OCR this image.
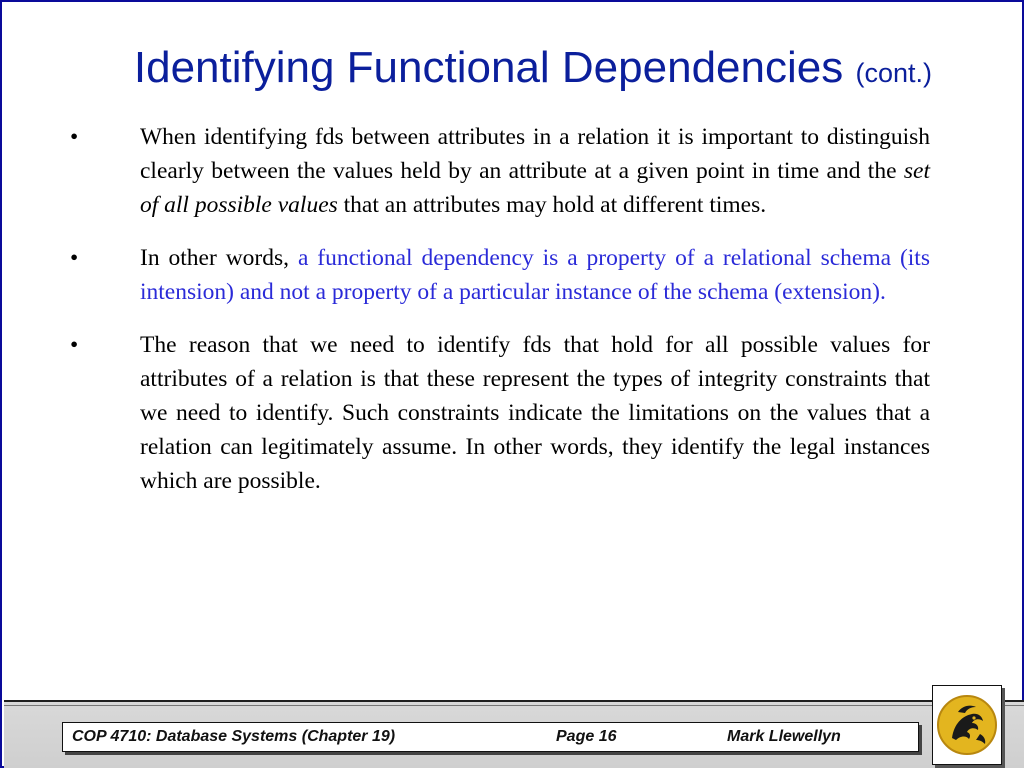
Identifying Functional Dependencies (cont.)
•	When identifying fds between attributes in a relation it is important to distinguish clearly between the values held by an attribute at a given point in time and the set of all possible values that an attributes may hold at different times.
•	In other words, a functional dependency is a property of a relational schema (its intension) and not a property of a particular instance of the schema (extension).
•	The reason that we need to identify fds that hold for all possible values for attributes of a relation is that these represent the types of integrity constraints that we need to identify. Such constraints indicate the limitations on the values that a relation can legitimately assume. In other words, they identify the legal instances which are possible.
COP 4710: Database Systems (Chapter 19)	Page 16	Mark Llewellyn
